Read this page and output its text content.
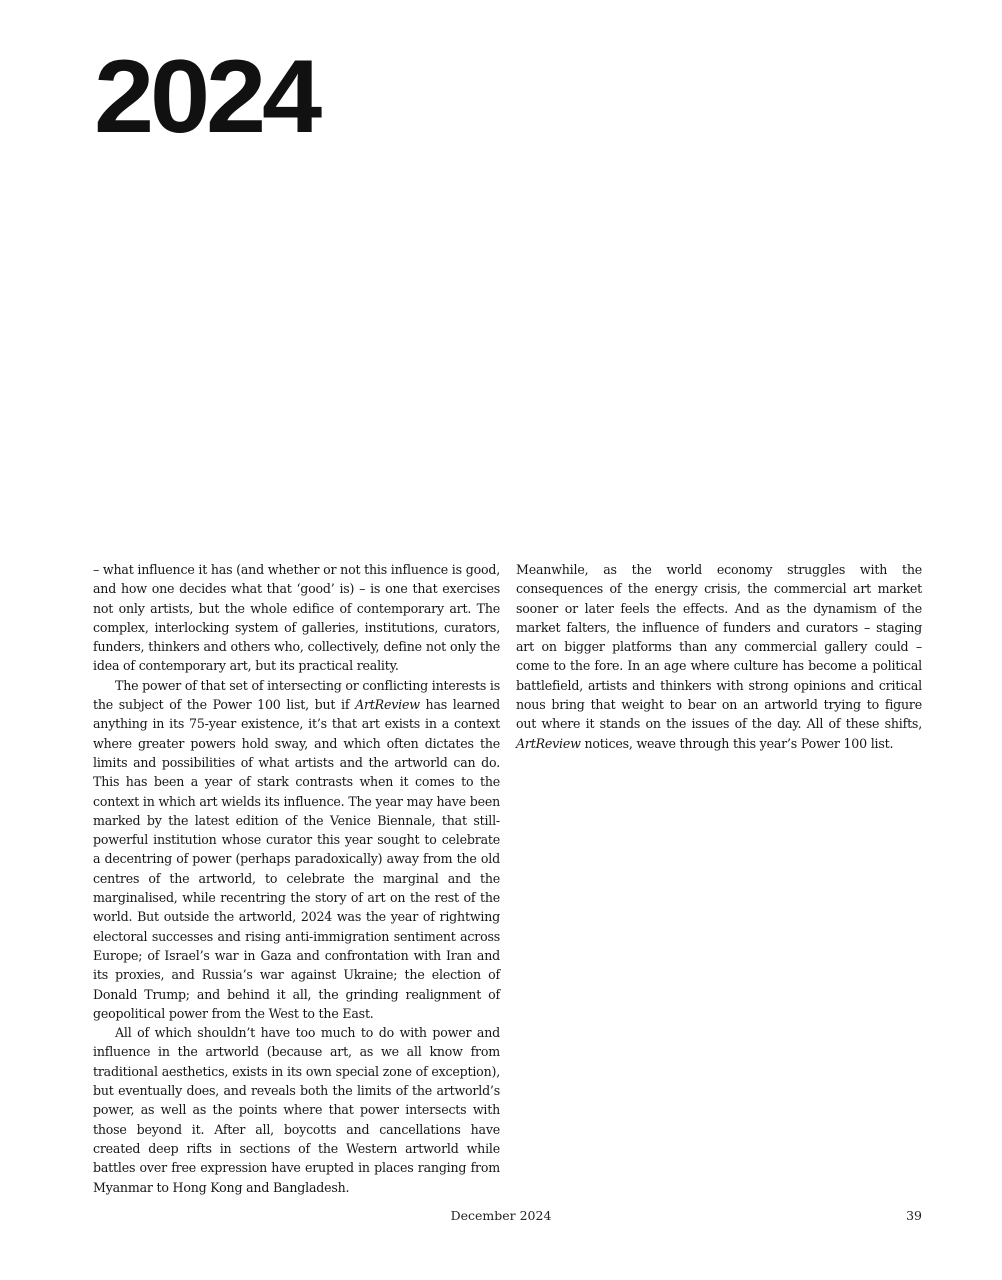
2024

– what influence it has (and whether or not this influence is good, and how one decides what that ‘good’ is) – is one that exercises not only artists, but the whole edifice of contemporary art. The complex, interlocking system of galleries, institutions, curators, funders, thinkers and others who, collectively, define not only the idea of contemporary art, but its practical reality.

The power of that set of intersecting or conflicting interests is the subject of the Power 100 list, but if ArtReview has learned anything in its 75-year existence, it’s that art exists in a context where greater powers hold sway, and which often dictates the limits and possibilities of what artists and the artworld can do. This has been a year of stark contrasts when it comes to the context in which art wields its influence. The year may have been marked by the latest edition of the Venice Biennale, that still-powerful institution whose curator this year sought to celebrate a decentring of power (perhaps paradoxically) away from the old centres of the artworld, to celebrate the marginal and the marginalised, while recentring the story of art on the rest of the world. But outside the artworld, 2024 was the year of rightwing electoral successes and rising anti-immigration sentiment across Europe; of Israel’s war in Gaza and confrontation with Iran and its proxies, and Russia’s war against Ukraine; the election of Donald Trump; and behind it all, the grinding realignment of geopolitical power from the West to the East.

All of which shouldn’t have too much to do with power and influence in the artworld (because art, as we all know from traditional aesthetics, exists in its own special zone of exception), but eventually does, and reveals both the limits of the artworld’s power, as well as the points where that power intersects with those beyond it. After all, boycotts and cancellations have created deep rifts in sections of the Western artworld while battles over free expression have erupted in places ranging from Myanmar to Hong Kong and Bangladesh.

Meanwhile, as the world economy struggles with the consequences of the energy crisis, the commercial art market sooner or later feels the effects. And as the dynamism of the market falters, the influence of funders and curators – staging art on bigger platforms than any commercial gallery could – come to the fore. In an age where culture has become a political battlefield, artists and thinkers with strong opinions and critical nous bring that weight to bear on an artworld trying to figure out where it stands on the issues of the day. All of these shifts, ArtReview notices, weave through this year’s Power 100 list.

December 2024	39
